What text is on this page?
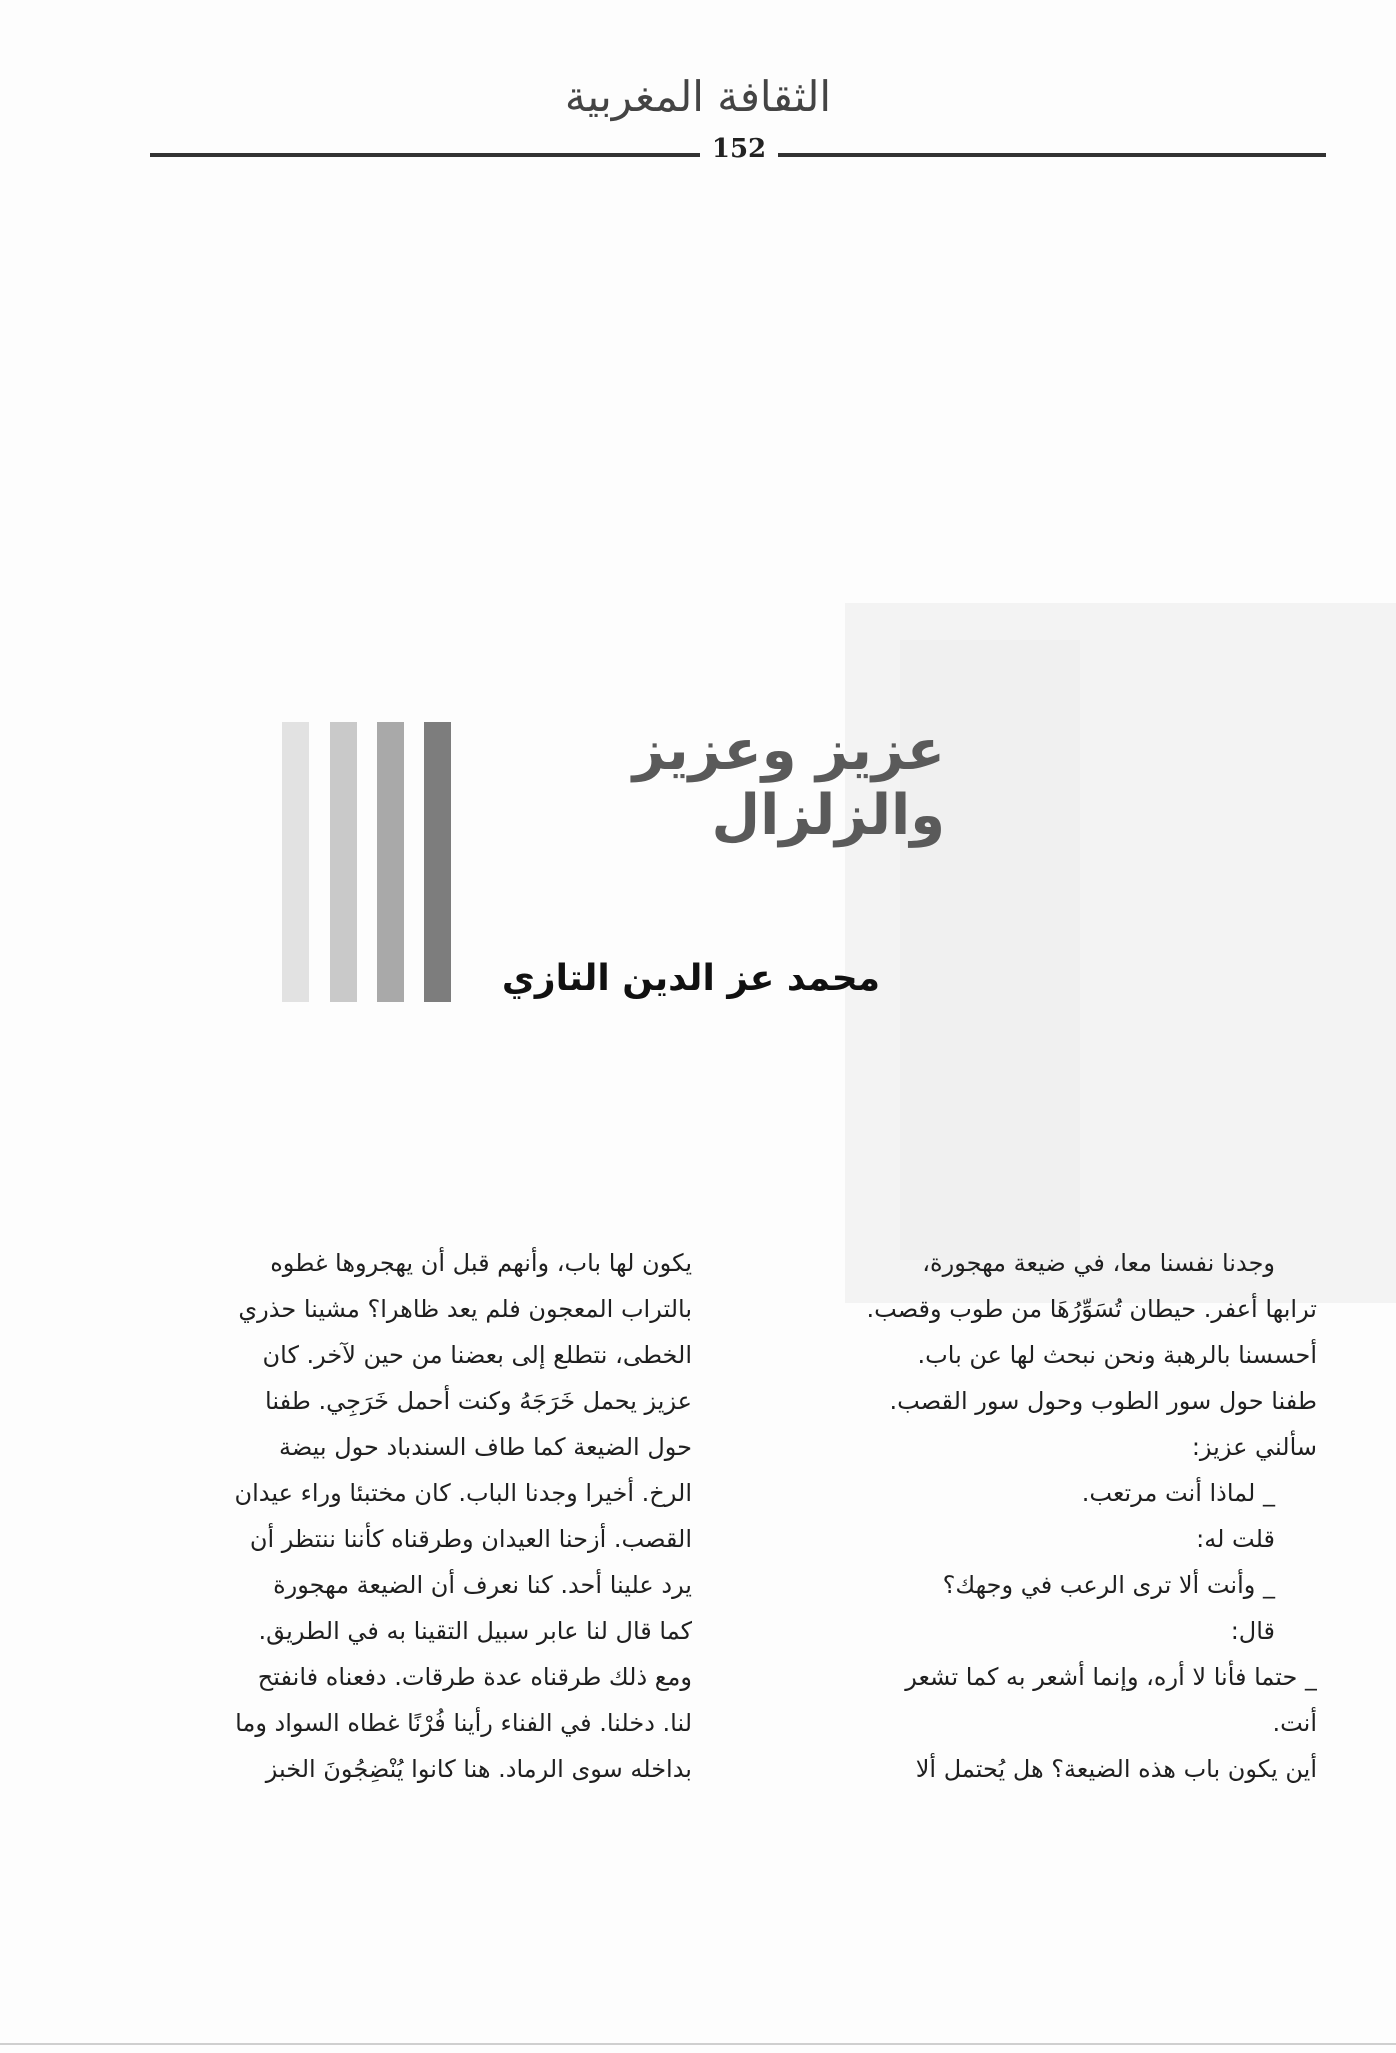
الثقافة المغربية
152
عزيز وعزيز والزلزال
محمد عز الدين التازي
وجدنا نفسنا معا، في ضيعة مهجورة،
ترابها أعفر. حيطان تُسَوِّرُهَا من طوب وقصب.
أحسسنا بالرهبة ونحن نبحث لها عن باب.
طفنا حول سور الطوب وحول سور القصب.
سألني عزيز:
_ لماذا أنت مرتعب.
قلت له:
_ وأنت ألا ترى الرعب في وجهك؟
قال:
_ حتما فأنا لا أره، وإنما أشعر به كما تشعر
أنت.
أين يكون باب هذه الضيعة؟ هل يُحتمل ألا
يكون لها باب، وأنهم قبل أن يهجروها غطوه
بالتراب المعجون فلم يعد ظاهرا؟ مشينا حذري
الخطى، نتطلع إلى بعضنا من حين لآخر. كان
عزيز يحمل خَرَجَهُ وكنت أحمل خَرَجِي. طفنا
حول الضيعة كما طاف السندباد حول بيضة
الرخ. أخيرا وجدنا الباب. كان مختبئا وراء عيدان
القصب. أزحنا العيدان وطرقناه كأننا ننتظر أن
يرد علينا أحد. كنا نعرف أن الضيعة مهجورة
كما قال لنا عابر سبيل التقينا به في الطريق.
ومع ذلك طرقناه عدة طرقات. دفعناه فانفتح
لنا. دخلنا. في الفناء رأينا فُرْنًا غطاه السواد وما
بداخله سوى الرماد. هنا كانوا يُنْضِجُونَ الخبز
